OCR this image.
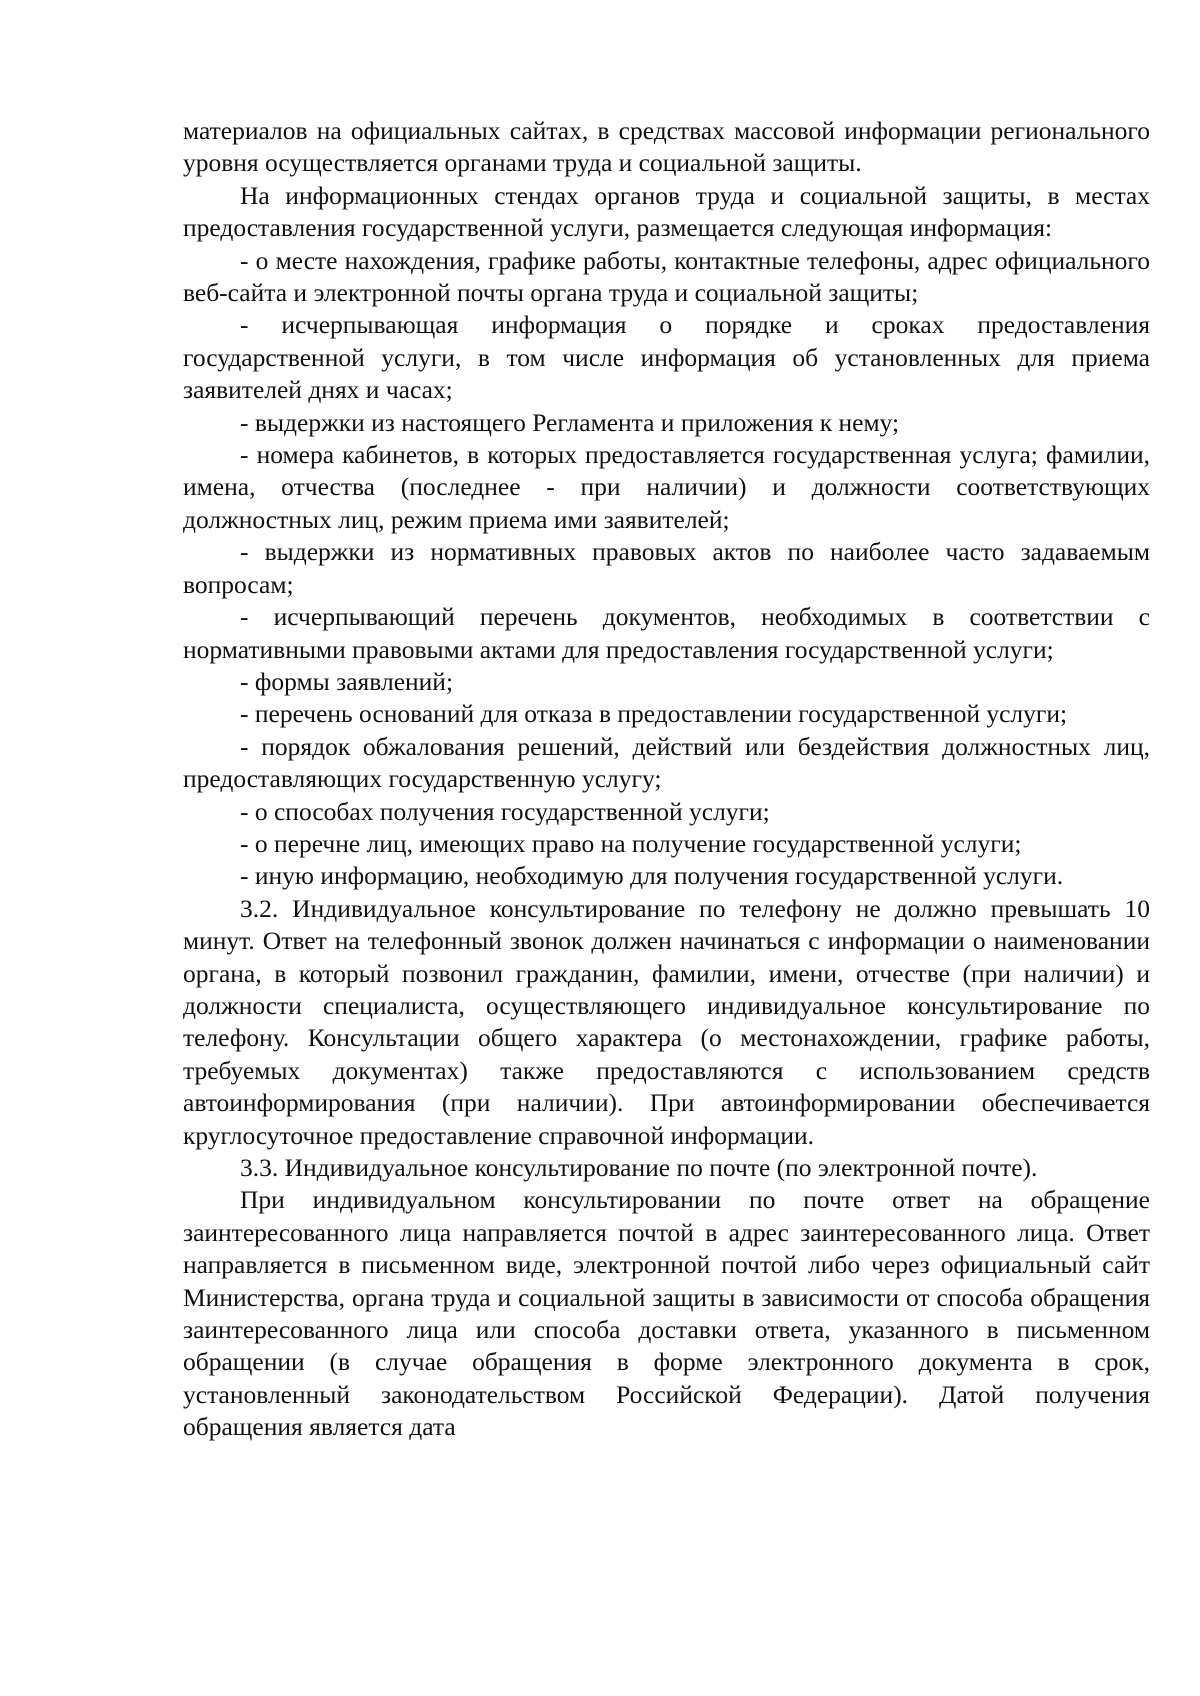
материалов на официальных сайтах, в средствах массовой информации регионального уровня осуществляется органами труда и социальной защиты.

На информационных стендах органов труда и социальной защиты, в местах предоставления государственной услуги, размещается следующая информация:

- о месте нахождения, графике работы, контактные телефоны, адрес официального веб-сайта и электронной почты органа труда и социальной защиты;

- исчерпывающая информация о порядке и сроках предоставления государственной услуги, в том числе информация об установленных для приема заявителей днях и часах;

- выдержки из настоящего Регламента и приложения к нему;

- номера кабинетов, в которых предоставляется государственная услуга; фамилии, имена, отчества (последнее - при наличии) и должности соответствующих должностных лиц, режим приема ими заявителей;

- выдержки из нормативных правовых актов по наиболее часто задаваемым вопросам;

- исчерпывающий перечень документов, необходимых в соответствии с нормативными правовыми актами для предоставления государственной услуги;

- формы заявлений;

- перечень оснований для отказа в предоставлении государственной услуги;

- порядок обжалования решений, действий или бездействия должностных лиц, предоставляющих государственную услугу;

- о способах получения государственной услуги;

- о перечне лиц, имеющих право на получение государственной услуги;

- иную информацию, необходимую для получения государственной услуги.

3.2. Индивидуальное консультирование по телефону не должно превышать 10 минут. Ответ на телефонный звонок должен начинаться с информации о наименовании органа, в который позвонил гражданин, фамилии, имени, отчестве (при наличии) и должности специалиста, осуществляющего индивидуальное консультирование по телефону. Консультации общего характера (о местонахождении, графике работы, требуемых документах) также предоставляются с использованием средств автоинформирования (при наличии). При автоинформировании обеспечивается круглосуточное предоставление справочной информации.

3.3. Индивидуальное консультирование по почте (по электронной почте).

При индивидуальном консультировании по почте ответ на обращение заинтересованного лица направляется почтой в адрес заинтересованного лица. Ответ направляется в письменном виде, электронной почтой либо через официальный сайт Министерства, органа труда и социальной защиты в зависимости от способа обращения заинтересованного лица или способа доставки ответа, указанного в письменном обращении (в случае обращения в форме электронного документа в срок, установленный законодательством Российской Федерации). Датой получения обращения является дата
